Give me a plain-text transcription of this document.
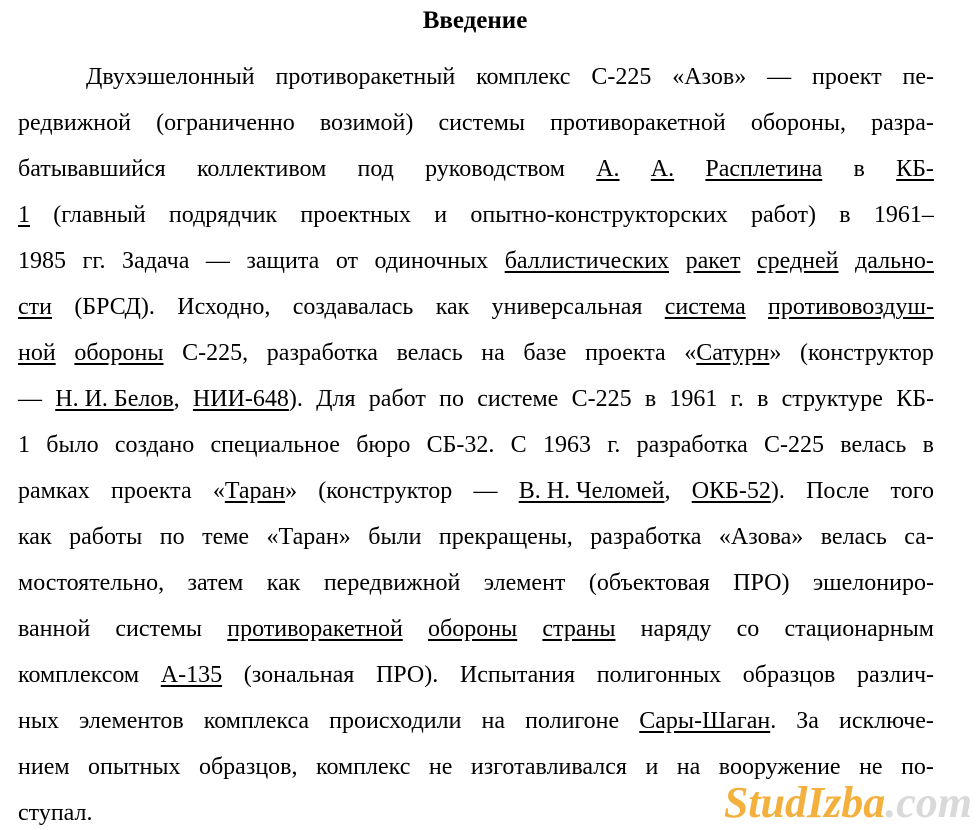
Введение
Двухэшелонный противоракетный комплекс С-225 «Азов» — проект пе-
редвижной (ограниченно возимой) системы противоракетной обороны, разра-
батывавшийся коллективом под руководством А. А. Расплетина в КБ-
1 (главный подрядчик проектных и опытно-конструкторских работ) в 1961–
1985 гг. Задача — защита от одиночных баллистических ракет средней дально-
сти (БРСД). Исходно, создавалась как универсальная система противовоздуш-
ной обороны С-225, разработка велась на базе проекта «Сатурн» (конструктор
— Н. И. Белов, НИИ-648). Для работ по системе С-225 в 1961 г. в структуре КБ-
1 было создано специальное бюро СБ-32. С 1963 г. разработка С-225 велась в
рамках проекта «Таран» (конструктор — В. Н. Челомей, ОКБ-52). После того
как работы по теме «Таран» были прекращены, разработка «Азова» велась са-
мостоятельно, затем как передвижной элемент (объектовая ПРО) эшелониро-
ванной системы противоракетной обороны страны наряду со стационарным
комплексом А-135 (зональная ПРО). Испытания полигонных образцов различ-
ных элементов комплекса происходили на полигоне Сары-Шаган. За исключе-
нием опытных образцов, комплекс не изготавливался и на вооружение не по-
ступал.	StudIzba.com
